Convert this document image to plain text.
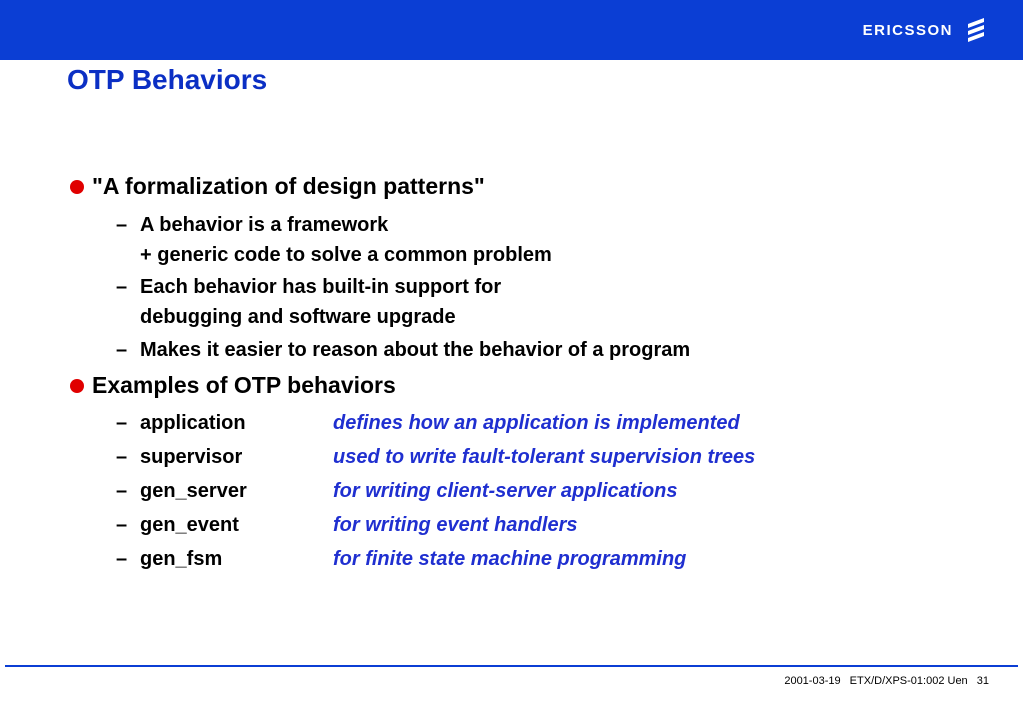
ERICSSON
OTP Behaviors
"A formalization of design patterns"
– A behavior is a framework
+ generic code to solve a common problem
– Each behavior has built-in support for
debugging and software upgrade
– Makes it easier to reason about the behavior of a program
Examples of OTP behaviors
– application	defines how an application is implemented
– supervisor	used to write fault-tolerant supervision trees
– gen_server	for writing client-server applications
– gen_event	for writing event handlers
– gen_fsm	for finite state machine programming
2001-03-19 ETX/D/XPS-01:002 Uen 31
